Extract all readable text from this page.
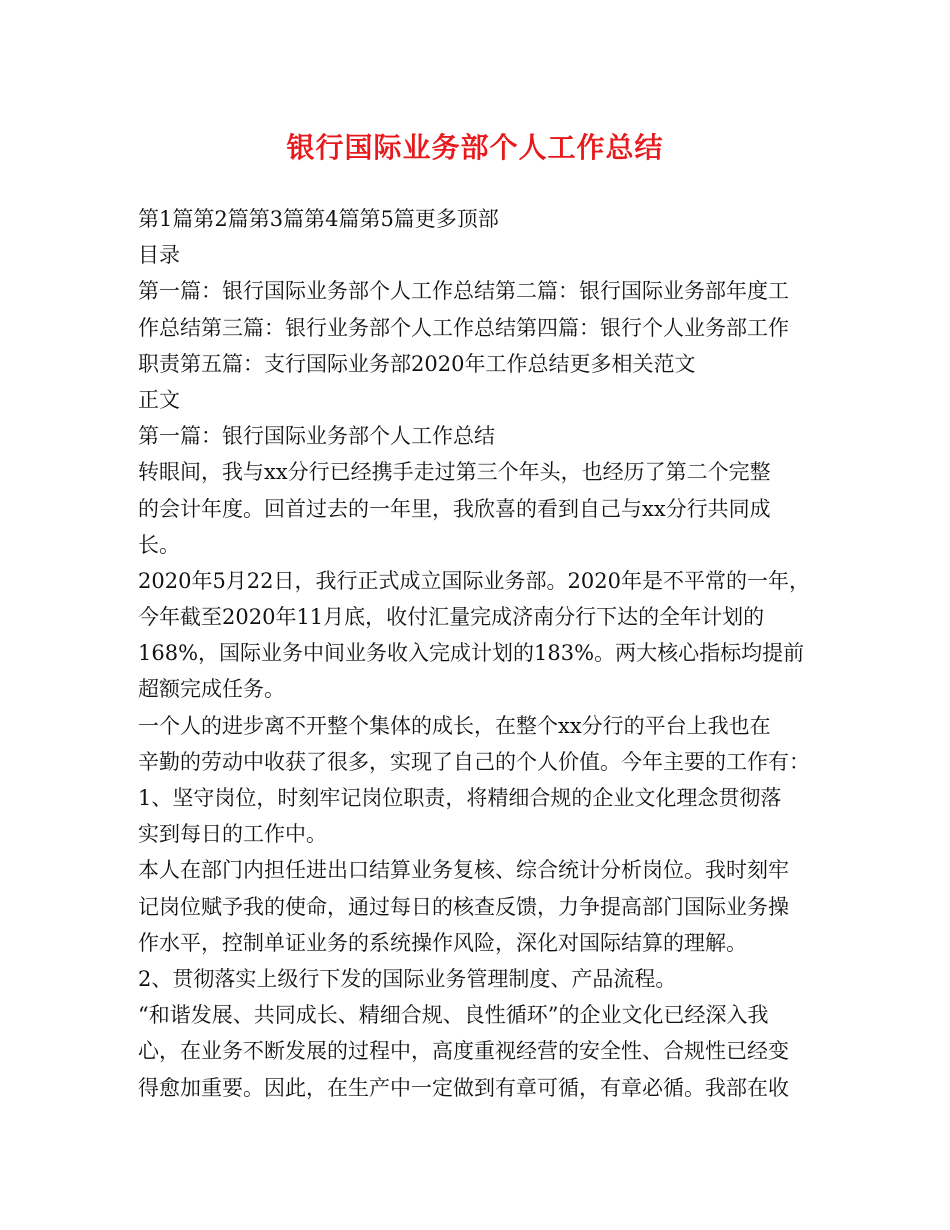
银行国际业务部个人工作总结
第1篇第2篇第3篇第4篇第5篇更多顶部
目录
第一篇：银行国际业务部个人工作总结第二篇：银行国际业务部年度工
作总结第三篇：银行业务部个人工作总结第四篇：银行个人业务部工作
职责第五篇：支行国际业务部2020年工作总结更多相关范文
正文
第一篇：银行国际业务部个人工作总结
转眼间，我与xx分行已经携手走过第三个年头，也经历了第二个完整
的会计年度。回首过去的一年里，我欣喜的看到自己与xx分行共同成
长。
2020年5月22日，我行正式成立国际业务部。2020年是不平常的一年，
今年截至2020年11月底，收付汇量完成济南分行下达的全年计划的
168%，国际业务中间业务收入完成计划的183%。两大核心指标均提前
超额完成任务。
一个人的进步离不开整个集体的成长，在整个xx分行的平台上我也在
辛勤的劳动中收获了很多，实现了自己的个人价值。今年主要的工作有：
1、坚守岗位，时刻牢记岗位职责，将精细合规的企业文化理念贯彻落
实到每日的工作中。
本人在部门内担任进出口结算业务复核、综合统计分析岗位。我时刻牢
记岗位赋予我的使命，通过每日的核查反馈，力争提高部门国际业务操
作水平，控制单证业务的系统操作风险，深化对国际结算的理解。
2、贯彻落实上级行下发的国际业务管理制度、产品流程。
“和谐发展、共同成长、精细合规、良性循环”的企业文化已经深入我
心，在业务不断发展的过程中，高度重视经营的安全性、合规性已经变
得愈加重要。因此，在生产中一定做到有章可循，有章必循。我部在收
